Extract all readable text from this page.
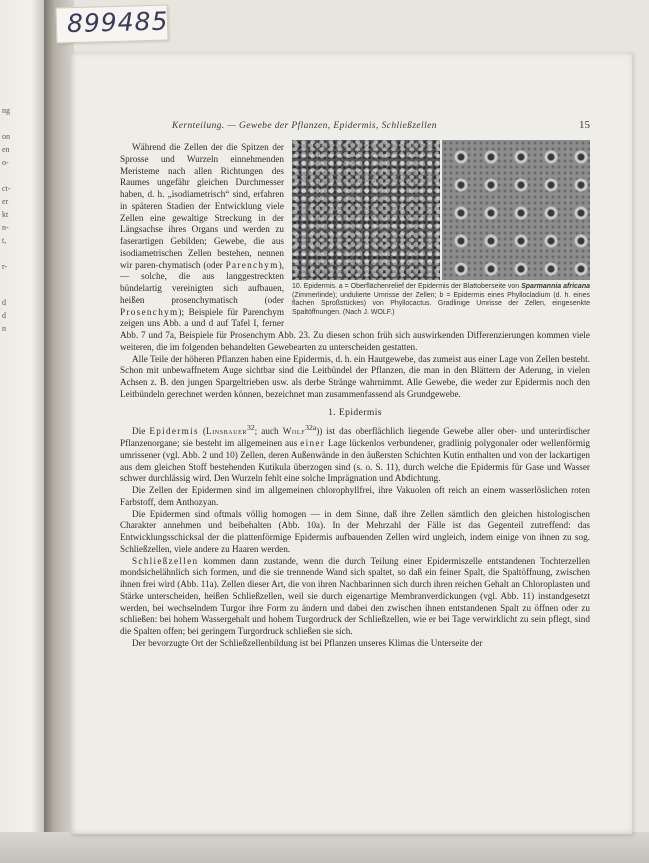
ng
on
en
o-
ct-
er
kt
n-
t,
r-
d
d
n
899485
Kernteilung. — Gewebe der Pflanzen, Epidermis, Schließzellen	15
10. Epidermis. a = Oberflächenrelief der Epidermis der Blattoberseite von Sparmannia africana (Zimmerlinde); undulierte Umrisse der Zellen; b = Epidermis eines Phyllocladium (d. h. eines flachen Sproßstückes) von Phyllocactus. Gradlinige Umrisse der Zellen, eingesenkte Spaltöffnungen. (Nach J. WOLF.)

Während die Zellen der die Spitzen der Sprosse und Wurzeln einnehmenden Meristeme nach allen Richtungen des Raumes ungefähr gleichen Durchmesser haben, d. h. „isodiametrisch“ sind, erfahren in späteren Stadien der Entwicklung viele Zellen eine gewaltige Streckung in der Längsachse ihres Organs und werden zu faserartigen Gebilden; Gewebe, die aus isodiametrischen Zellen bestehen, nennen wir paren-chymatisch (oder Parenchym), — solche, die aus langgestreckten bündelartig vereinigten sich aufbauen, heißen prosenchymatisch (oder Prosenchym); Beispiele für Parenchym zeigen uns Abb. a und d auf Tafel I, ferner Abb. 7 und 7a, Beispiele für Prosenchym Abb. 23. Zu diesen schon früh sich auswirkenden Differenzierungen kommen viele weiteren, die im folgenden behandelten Gewebearten zu unterscheiden gestatten.

Alle Teile der höheren Pflanzen haben eine Epidermis, d. h. ein Hautgewebe, das zumeist aus einer Lage von Zellen besteht. Schon mit unbewaffnetem Auge sichtbar sind die Leitbündel der Pflanzen, die man in den Blättern der Aderung, in vielen Achsen z. B. den jungen Spargeltrieben usw. als derbe Stränge wahrnimmt. Alle Gewebe, die weder zur Epidermis noch den Leitbündeln gerechnet werden können, bezeichnet man zusammenfassend als Grundgewebe.

1. Epidermis

Die Epidermis (Linsbauer$^{32}$; auch Wolf$^{32a}$)) ist das oberflächlich liegende Gewebe aller ober- und unterirdischer Pflanzenorgane; sie besteht im allgemeinen aus einer Lage lückenlos verbundener, gradlinig polygonaler oder wellenförmig umrissener (vgl. Abb. 2 und 10) Zellen, deren Außenwände in den äußersten Schichten Kutin enthalten und von der lackartigen aus dem gleichen Stoff bestehenden Kutikula überzogen sind (s. o. S. 11), durch welche die Epidermis für Gase und Wasser schwer durchlässig wird. Den Wurzeln fehlt eine solche Imprägnation und Abdichtung.

Die Zellen der Epidermen sind im allgemeinen chlorophyllfrei, ihre Vakuolen oft reich an einem wasserlöslichen roten Farbstoff, dem Anthozyan.

Die Epidermen sind oftmals völlig homogen — in dem Sinne, daß ihre Zellen sämtlich den gleichen histologischen Charakter annehmen und beibehalten (Abb. 10a). In der Mehrzahl der Fälle ist das Gegenteil zutreffend: das Entwicklungsschicksal der die plattenförmige Epidermis aufbauenden Zellen wird ungleich, indem einige von ihnen zu sog. Schließzellen, viele andere zu Haaren werden.

Schließzellen kommen dann zustande, wenn die durch Teilung einer Epidermiszelle entstandenen Tochterzellen mondsichelähnlich sich formen, und die sie trennende Wand sich spaltet, so daß ein feiner Spalt, die Spaltöffnung, zwischen ihnen frei wird (Abb. 11a). Zellen dieser Art, die von ihren Nachbarinnen sich durch ihren reichen Gehalt an Chloroplasten und Stärke unterscheiden, heißen Schließzellen, weil sie durch eigenartige Membranverdickungen (vgl. Abb. 11) instandgesetzt werden, bei wechselndem Turgor ihre Form zu ändern und dabei den zwischen ihnen entstandenen Spalt zu öffnen oder zu schließen: bei hohem Wassergehalt und hohem Turgordruck der Schließzellen, wie er bei Tage verwirklicht zu sein pflegt, sind die Spalten offen; bei geringem Turgordruck schließen sie sich.

Der bevorzugte Ort der Schließzellenbildung ist bei Pflanzen unseres Klimas die Unterseite der
